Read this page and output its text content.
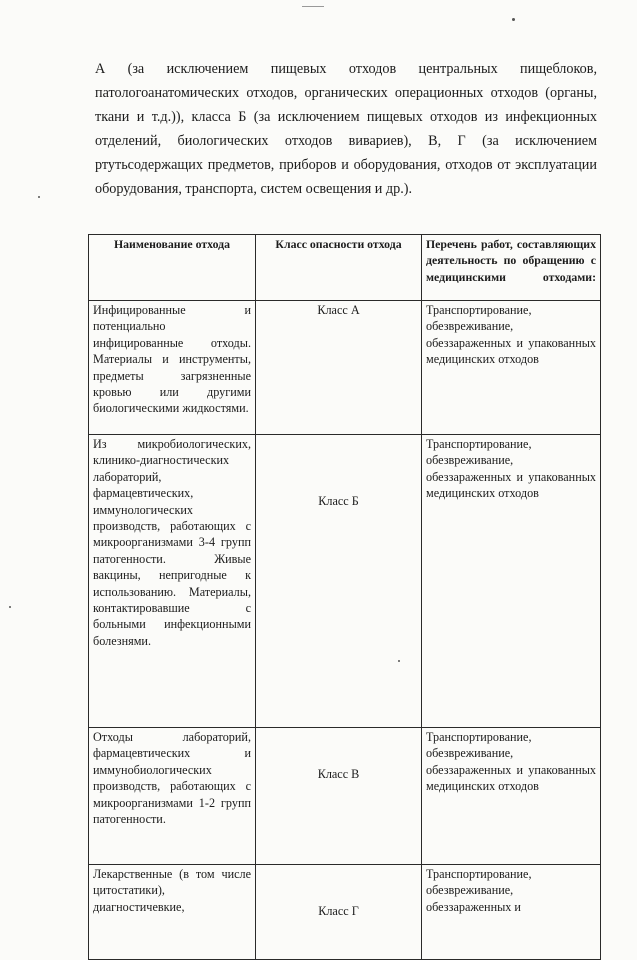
А (за исключением пищевых отходов центральных пищеблоков, патологоанатомических отходов, органических операционных отходов (органы, ткани и т.д.)), класса Б (за исключением пищевых отходов из инфекционных отделений, биологических отходов вивариев), В, Г (за исключением ртутьсодержащих предметов, приборов и оборудования, отходов от эксплуатации оборудования, транспорта, систем освещения и др.).

Наименование отхода	Класс опасности отхода	Перечень работ, составляющих деятельность по обращению с медицинскими отходами:
Инфицированные и потенциально инфицированные отходы. Материалы и инструменты, предметы загрязненные кровью или другими биологическими жидкостями.	Класс А	Транспортирование, обезвреживание, обеззараженных и упакованных медицинских отходов
Из микробиологических, клинико-диагностических лабораторий, фармацевтических, иммунологических производств, работающих с микроорганизмами 3-4 групп патогенности. Живые вакцины, непригодные к использованию. Материалы, контактировавшие с больными инфекционными болезнями.	Класс Б	Транспортирование, обезвреживание, обеззараженных и упакованных медицинских отходов
Отходы лабораторий, фармацевтических и иммунобиологических производств, работающих с микроорганизмами 1-2 групп патогенности.	Класс В	Транспортирование, обезвреживание, обеззараженных и упакованных медицинских отходов
Лекарственные (в том числе цитостатики), диагностичевкие,	Класс Г	Транспортирование, обезвреживание, обеззараженных и
